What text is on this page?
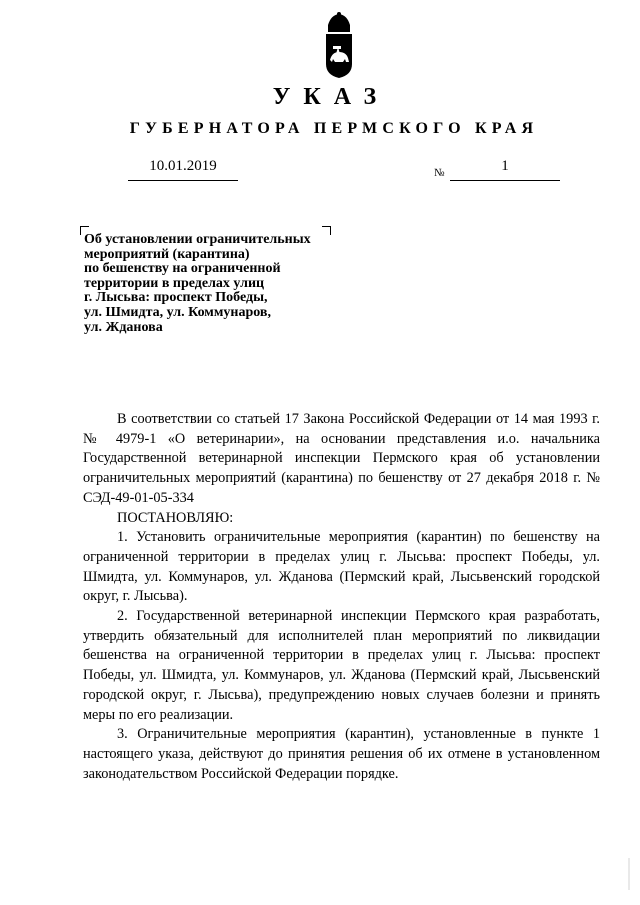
УКАЗ
ГУБЕРНАТОРА ПЕРМСКОГО КРАЯ
10.01.2019	№	1
Об установлении ограничительных
мероприятий (карантина)
по бешенству на ограниченной
территории в пределах улиц
г. Лысьва: проспект Победы,
ул. Шмидта, ул. Коммунаров,
ул. Жданова

В соответствии со статьей 17 Закона Российской Федерации от 14 мая 1993 г. № 4979-1 «О ветеринарии», на основании представления и.о. начальника Государственной ветеринарной инспекции Пермского края об установлении ограничительных мероприятий (карантина) по бешенству от 27 декабря 2018 г. № СЭД-49-01-05-334

ПОСТАНОВЛЯЮ:

1. Установить ограничительные мероприятия (карантин) по бешенству на ограниченной территории в пределах улиц г. Лысьва: проспект Победы, ул. Шмидта, ул. Коммунаров, ул. Жданова (Пермский край, Лысьвенский городской округ, г. Лысьва).

2. Государственной ветеринарной инспекции Пермского края разработать, утвердить обязательный для исполнителей план мероприятий по ликвидации бешенства на ограниченной территории в пределах улиц г. Лысьва: проспект Победы, ул. Шмидта, ул. Коммунаров, ул. Жданова (Пермский край, Лысьвенский городской округ, г. Лысьва), предупреждению новых случаев болезни и принять меры по его реализации.

3. Ограничительные мероприятия (карантин), установленные в пункте 1 настоящего указа, действуют до принятия решения об их отмене в установленном законодательством Российской Федерации порядке.
